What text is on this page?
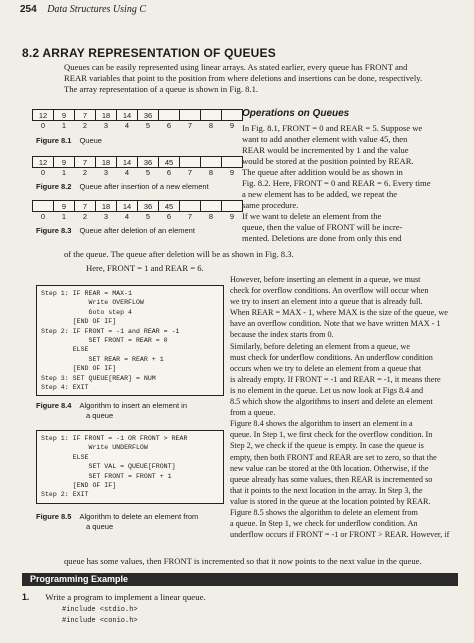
254 Data Structures Using C
8.2 ARRAY REPRESENTATION OF QUEUES
Queues can be easily represented using linear arrays. As stated earlier, every queue has FRONT and
REAR variables that point to the position from where deletions and insertions can be done, respectively.
The array representation of a queue is shown in Fig. 8.1.
12	9	7	18	14	36				
0	1	2	3	4	5	6	7	8	9
Figure 8.1 Queue
12	9	7	18	14	36	45			
0	1	2	3	4	5	6	7	8	9
Figure 8.2 Queue after insertion of a new element
	9	7	18	14	36	45			
0	1	2	3	4	5	6	7	8	9
Figure 8.3 Queue after deletion of an element
Operations on Queues
In Fig. 8.1, FRONT = 0 and REAR = 5. Suppose we
want to add another element with value 45, then
REAR would be incremented by 1 and the value
would be stored at the position pointed by REAR.
The queue after addition would be as shown in
Fig. 8.2. Here, FRONT = 0 and REAR = 6. Every time
a new element has to be added, we repeat the
same procedure.
If we want to delete an element from the
queue, then the value of FRONT will be incre-
mented. Deletions are done from only this end
of the queue. The queue after deletion will be as shown in Fig. 8.3.
Here, FRONT = 1 and REAR = 6.
Step 1: IF REAR = MAX-1
Write OVERFLOW
Goto step 4
[END OF IF]
Step 2: IF FRONT = -1 and REAR = -1
SET FRONT = REAR = 0
ELSE
SET REAR = REAR + 1
[END OF IF]
Step 3: SET QUEUE[REAR] = NUM
Step 4: EXIT
Figure 8.4 Algorithm to insert an element in
a queue
Step 1: IF FRONT = -1 OR FRONT > REAR
Write UNDERFLOW
ELSE
SET VAL = QUEUE[FRONT]
SET FRONT = FRONT + 1
[END OF IF]
Step 2: EXIT
Figure 8.5 Algorithm to delete an element from
a queue
However, before inserting an element in a queue, we must
check for overflow conditions. An overflow will occur when
we try to insert an element into a queue that is already full.
When REAR = MAX - 1, where MAX is the size of the queue, we
have an overflow condition. Note that we have written MAX - 1
because the index starts from 0.
Similarly, before deleting an element from a queue, we
must check for underflow conditions. An underflow condition
occurs when we try to delete an element from a queue that
is already empty. If FRONT = -1 and REAR = -1, it means there
is no element in the queue. Let us now look at Figs 8.4 and
8.5 which show the algorithms to insert and delete an element
from a queue.
Figure 8.4 shows the algorithm to insert an element in a
queue. In Step 1, we first check for the overflow condition. In
Step 2, we check if the queue is empty. In case the queue is
empty, then both FRONT and REAR are set to zero, so that the
new value can be stored at the 0th location. Otherwise, if the
queue already has some values, then REAR is incremented so
that it points to the next location in the array. In Step 3, the
value is stored in the queue at the location pointed by REAR.
Figure 8.5 shows the algorithm to delete an element from
a queue. In Step 1, we check for underflow condition. An
underflow occurs if FRONT = -1 or FRONT > REAR. However, if
queue has some values, then FRONT is incremented so that it now points to the next value in the queue.
Programming Example
1. Write a program to implement a linear queue.
#include <stdio.h>
#include <conio.h>
